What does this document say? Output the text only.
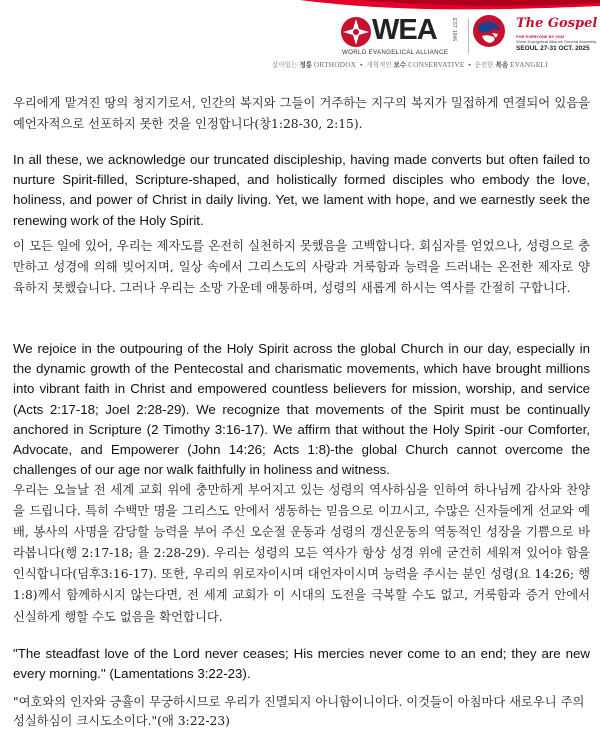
WEA	EST. 1846
WORLD EVANGELICAL ALLIANCE
The Gospel
FOR EVERYONE BY 2033
World Evangelical Alliance General Assembly
SEOUL 27-31 OCT. 2025
살아있는 정통 ORTHODOX • 개혁적인 보수 CONSERVATIVE • 순전한 복음 EVANGELI

우리에게 맡겨진 땅의 청지기로서, 인간의 복지와 그들이 거주하는 지구의 복지가 밀접하게 연결되어 있음을 예언자적으로 선포하지 못한 것을 인정합니다(창1:28-30, 2:15).

In all these, we acknowledge our truncated discipleship, having made converts but often failed to nurture Spirit-filled, Scripture-shaped, and holistically formed disciples who embody the love, holiness, and power of Christ in daily living. Yet, we lament with hope, and we earnestly seek the renewing work of the Holy Spirit.

이 모든 일에 있어, 우리는 제자도를 온전히 실천하지 못했음을 고백합니다. 회심자를 얻었으나, 성령으로 충만하고 성경에 의해 빚어지며, 일상 속에서 그리스도의 사랑과 거룩함과 능력을 드러내는 온전한 제자로 양육하지 못했습니다. 그러나 우리는 소망 가운데 애통하며, 성령의 새롭게 하시는 역사를 간절히 구합니다.

We rejoice in the outpouring of the Holy Spirit across the global Church in our day, especially in the dynamic growth of the Pentecostal and charismatic movements, which have brought millions into vibrant faith in Christ and empowered countless believers for mission, worship, and service (Acts 2:17-18; Joel 2:28-29). We recognize that movements of the Spirit must be continually anchored in Scripture (2 Timothy 3:16-17). We affirm that without the Holy Spirit -our Comforter, Advocate, and Empowerer (John 14:26; Acts 1:8)-the global Church cannot overcome the challenges of our age nor walk faithfully in holiness and witness.

우리는 오늘날 전 세계 교회 위에 충만하게 부어지고 있는 성령의 역사하심을 인하여 하나님께 감사와 찬양을 드립니다. 특히 수백만 명을 그리스도 안에서 생동하는 믿음으로 이끄시고, 수많은 신자들에게 선교와 예배, 봉사의 사명을 감당할 능력을 부어 주신 오순절 운동과 성령의 갱신운동의 역동적인 성장을 기쁨으로 바라봅니다(행 2:17-18; 욜 2:28-29). 우리는 성령의 모든 역사가 항상 성경 위에 굳건히 세워져 있어야 함을 인식합니다(딤후3:16-17). 또한, 우리의 위로자이시며 대언자이시며 능력을 주시는 분인 성령(요 14:26; 행 1:8)께서 함께하시지 않는다면, 전 세계 교회가 이 시대의 도전을 극복할 수도 없고, 거룩함과 증거 안에서 신실하게 행할 수도 없음을 확언합니다.

"The steadfast love of the Lord never ceases; His mercies never come to an end; they are new every morning." (Lamentations 3:22-23).

"여호와의 인자와 긍휼이 무궁하시므로 우리가 진멸되지 아니함이니이다. 이것들이 아침마다 새로우니 주의 성실하심이 크시도소이다."(애 3:22-23)
